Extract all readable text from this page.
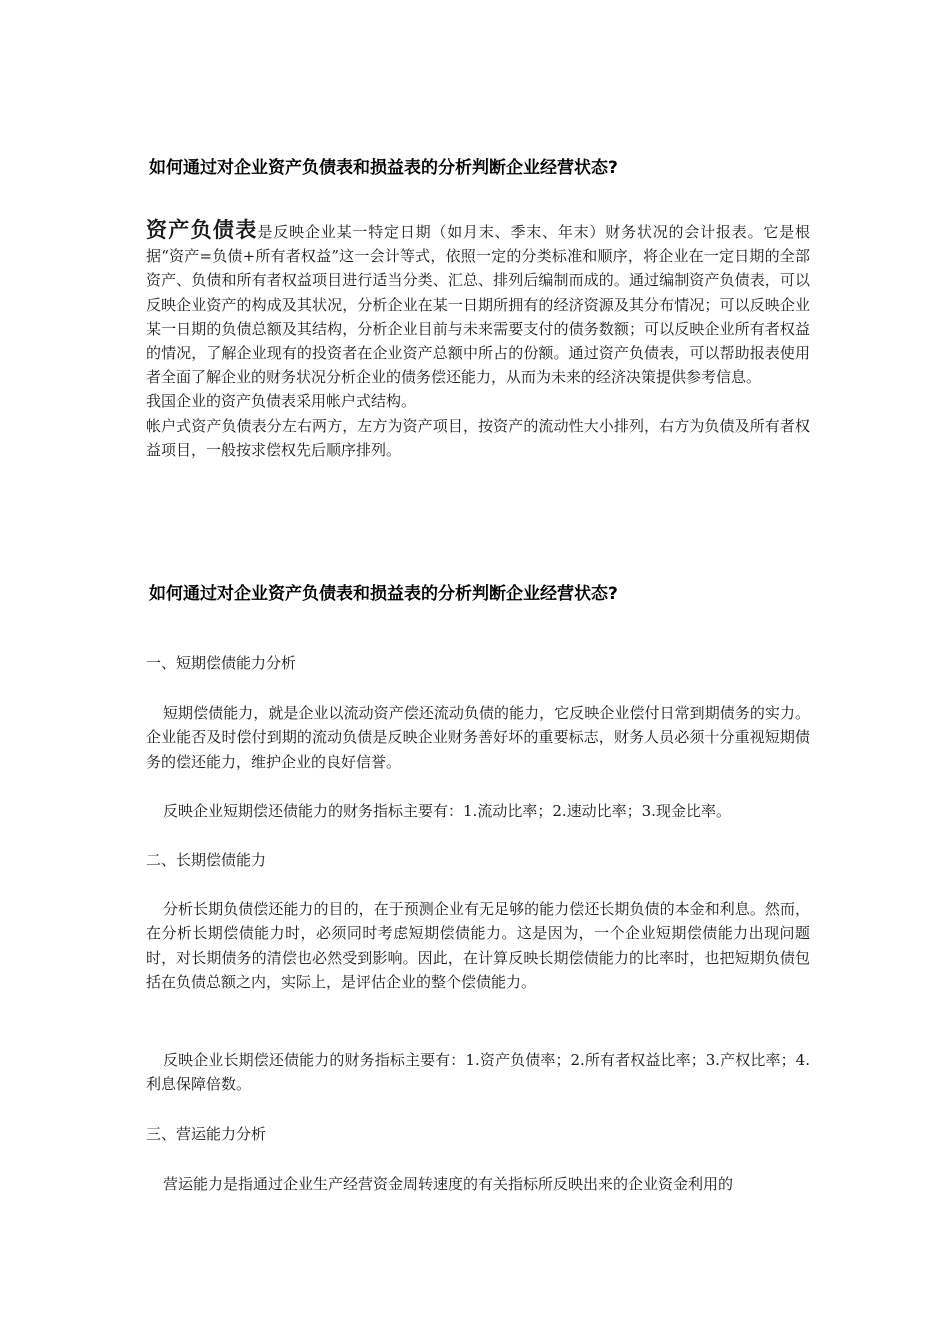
如何通过对企业资产负债表和损益表的分析判断企业经营状态?

资产负债表是反映企业某一特定日期（如月末、季末、年末）财务状况的会计报表。它是根据“资产=负债+所有者权益”这一会计等式，依照一定的分类标准和顺序，将企业在一定日期的全部资产、负债和所有者权益项目进行适当分类、汇总、排列后编制而成的。通过编制资产负债表，可以反映企业资产的构成及其状况，分析企业在某一日期所拥有的经济资源及其分布情况；可以反映企业某一日期的负债总额及其结构，分析企业目前与未来需要支付的债务数额；可以反映企业所有者权益的情况，了解企业现有的投资者在企业资产总额中所占的份额。通过资产负债表，可以帮助报表使用者全面了解企业的财务状况分析企业的债务偿还能力，从而为未来的经济决策提供参考信息。

我国企业的资产负债表采用帐户式结构。

帐户式资产负债表分左右两方，左方为资产项目，按资产的流动性大小排列，右方为负债及所有者权益项目，一般按求偿权先后顺序排列。

如何通过对企业资产负债表和损益表的分析判断企业经营状态?

一、短期偿债能力分析

短期偿债能力，就是企业以流动资产偿还流动负债的能力，它反映企业偿付日常到期债务的实力。企业能否及时偿付到期的流动负债是反映企业财务善好坏的重要标志，财务人员必须十分重视短期债务的偿还能力，维护企业的良好信誉。

反映企业短期偿还债能力的财务指标主要有：1.流动比率；2.速动比率；3.现金比率。

二、长期偿债能力

分析长期负债偿还能力的目的，在于预测企业有无足够的能力偿还长期负债的本金和利息。然而，在分析长期偿债能力时，必须同时考虑短期偿债能力。这是因为，一个企业短期偿债能力出现问题时，对长期债务的清偿也必然受到影响。因此，在计算反映长期偿债能力的比率时，也把短期负债包括在负债总额之内，实际上，是评估企业的整个偿债能力。

反映企业长期偿还债能力的财务指标主要有：1.资产负债率；2.所有者权益比率；3.产权比率；4.利息保障倍数。

三、营运能力分析

营运能力是指通过企业生产经营资金周转速度的有关指标所反映出来的企业资金利用的
